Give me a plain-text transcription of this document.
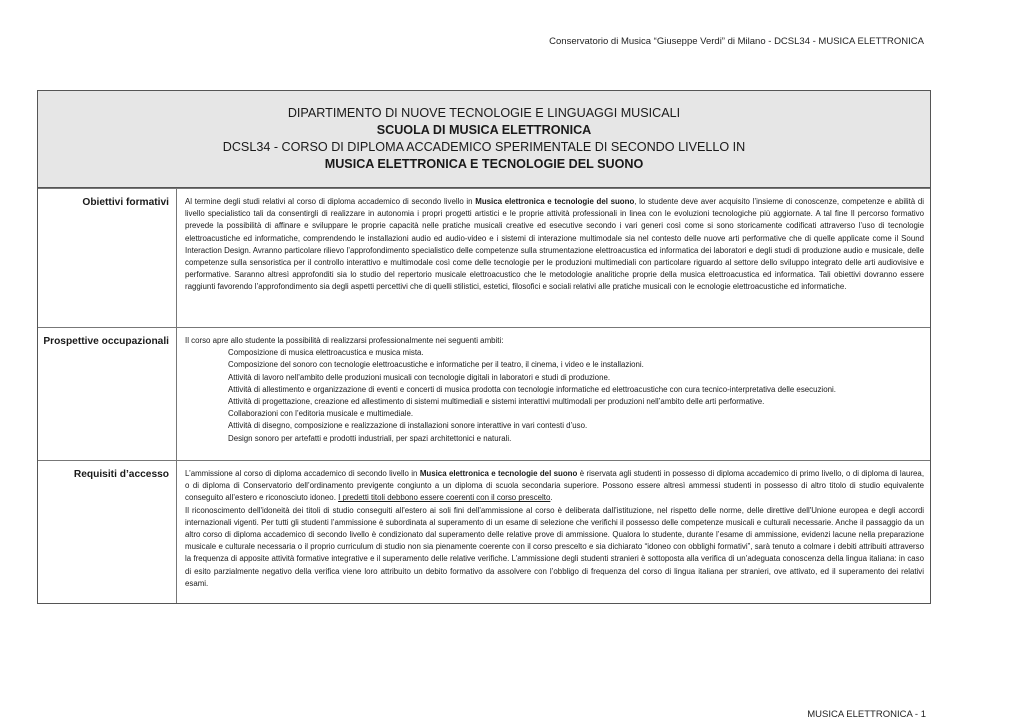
Conservatorio di Musica “Giuseppe Verdi” di Milano - DCSL34 - MUSICA ELETTRONICA
DIPARTIMENTO DI NUOVE TECNOLOGIE E LINGUAGGI MUSICALI
SCUOLA DI MUSICA ELETTRONICA
DCSL34 - CORSO DI DIPLOMA ACCADEMICO SPERIMENTALE DI SECONDO LIVELLO IN
MUSICA ELETTRONICA E TECNOLOGIE DEL SUONO
Obiettivi formativi	Al termine degli studi relativi al corso di diploma accademico di secondo livello in Musica elettronica e tecnologie del suono, lo studente deve aver acquisito l’insieme di conoscenze, competenze e abilità di livello specialistico tali da consentirgli di realizzare in autonomia i propri progetti artistici e le proprie attività professionali in linea con le evoluzioni tecnologiche più aggiornate. A tal fine Il percorso formativo prevede la possibilità di affinare e sviluppare le proprie capacità nelle pratiche musicali creative ed esecutive secondo i vari generi così come si sono storicamente codificati attraverso l’uso di tecnologie elettroacustiche ed informatiche, comprendendo le installazioni audio ed audio-video e i sistemi di interazione multimodale sia nel contesto delle nuove arti performative che di quelle applicate come il Sound Interaction Design. Avranno particolare rilievo l’approfondimento specialistico delle competenze sulla strumentazione elettroacustica ed informatica dei laboratori e degli studi di produzione audio e musicale, delle competenze sulla sensoristica per il controllo interattivo e multimodale così come delle tecnologie per le produzioni multimediali con particolare riguardo al settore dello sviluppo integrato delle arti audiovisive e performative. Saranno altresì approfonditi sia lo studio del repertorio musicale elettroacustico che le metodologie analitiche proprie della musica elettroacustica ed informatica. Tali obiettivi dovranno essere raggiunti favorendo l’approfondimento sia degli aspetti percettivi che di quelli stilistici, estetici, filosofici e sociali relativi alle pratiche musicali con le ecnologie elettroacustiche ed informatiche.

Prospettive occupazionali	Il corso apre allo studente la possibilità di realizzarsi professionalmente nei seguenti ambiti:

Composizione di musica elettroacustica e musica mista.
Composizione del sonoro con tecnologie elettroacustiche e informatiche per il teatro, il cinema, i video e le installazioni.
Attività di lavoro nell’ambito delle produzioni musicali con tecnologie digitali in laboratori e studi di produzione.
Attività di allestimento e organizzazione di eventi e concerti di musica prodotta con tecnologie informatiche ed elettroacustiche con cura tecnico-interpretativa delle esecuzioni.
Attività di progettazione, creazione ed allestimento di sistemi multimediali e sistemi interattivi multimodali per produzioni nell’ambito delle arti performative.
Collaborazioni con l’editoria musicale e multimediale.
Attività di disegno, composizione e realizzazione di installazioni sonore interattive in vari contesti d’uso.
Design sonoro per artefatti e prodotti industriali, per spazi architettonici e naturali.
Requisiti d’accesso	L’ammissione al corso di diploma accademico di secondo livello in Musica elettronica e tecnologie del suono è riservata agli studenti in possesso di diploma accademico di primo livello, o di diploma di laurea, o di diploma di Conservatorio dell’ordinamento previgente congiunto a un diploma di scuola secondaria superiore. Possono essere altresì ammessi studenti in possesso di altro titolo di studio equivalente conseguito all’estero e riconosciuto idoneo. I predetti titoli debbono essere coerenti con il corso prescelto.

Il riconoscimento dell'idoneità dei titoli di studio conseguiti all'estero ai soli fini dell'ammissione al corso è deliberata dall'istituzione, nel rispetto delle norme, delle direttive dell'Unione europea e degli accordi internazionali vigenti. Per tutti gli studenti l’ammissione è subordinata al superamento di un esame di selezione che verifichi il possesso delle competenze musicali e culturali necessarie. Anche il passaggio da un altro corso di diploma accademico di secondo livello è condizionato dal superamento delle relative prove di ammissione. Qualora lo studente, durante l’esame di ammissione, evidenzi lacune nella preparazione musicale e culturale necessaria o il proprio curriculum di studio non sia pienamente coerente con il corso prescelto e sia dichiarato “idoneo con obblighi formativi”, sarà tenuto a colmare i debiti attribuiti attraverso la frequenza di apposite attività formative integrative e il superamento delle relative verifiche. L’ammissione degli studenti stranieri è sottoposta alla verifica di un’adeguata conoscenza della lingua italiana: in caso di esito parzialmente negativo della verifica viene loro attribuito un debito formativo da assolvere con l’obbligo di frequenza del corso di lingua italiana per stranieri, ove attivato, ed il superamento dei relativi esami.

MUSICA ELETTRONICA - 1
